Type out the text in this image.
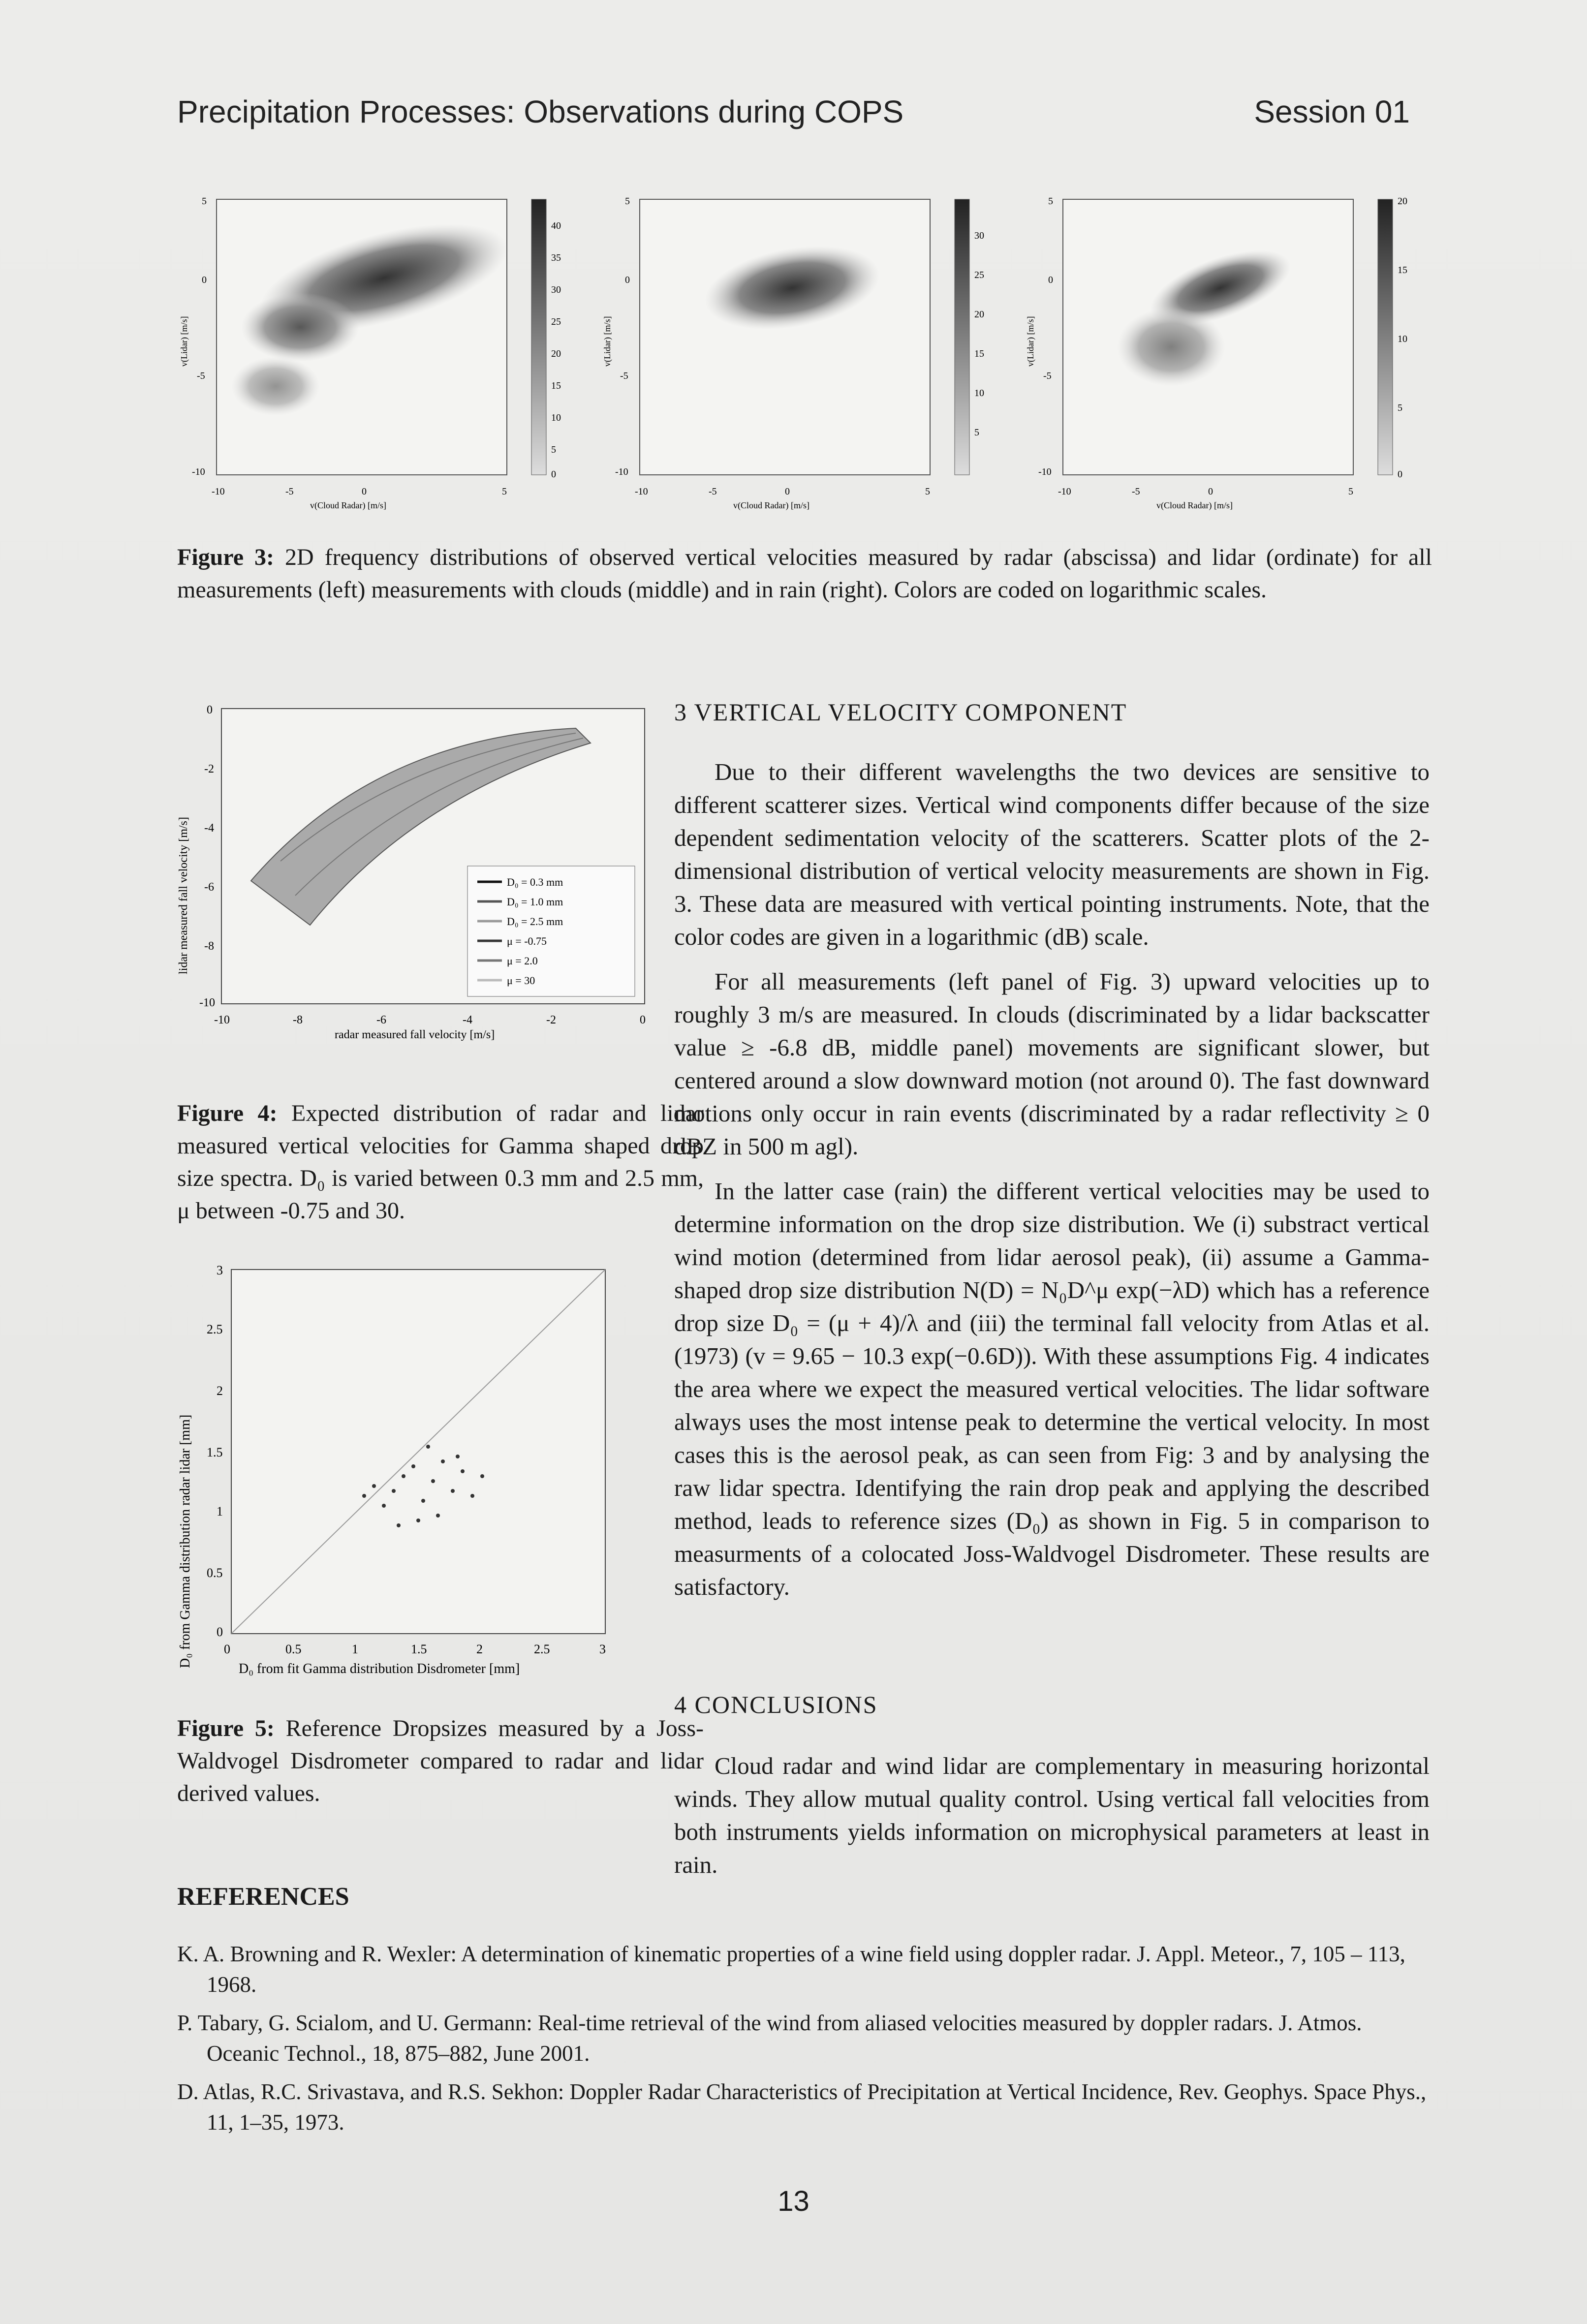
Precipitation Processes: Observations during COPS	Session 01
40
35
30
25
20
15
10
5
0
-10	-5	0	5
5
0
-5
-10
v(Cloud Radar) [m/s]
v(Lidar) [m/s]
30
25
20
15
10
5
-10	-5	0	5
5
0
-5
-10
v(Cloud Radar) [m/s]
v(Lidar) [m/s]
20
15
10
5
0
-10	-5	0	5
5
0
-5
-10
v(Cloud Radar) [m/s]
v(Lidar) [m/s]
Figure 3: 2D frequency distributions of observed vertical velocities measured by radar (abscissa) and lidar (ordinate) for all measurements (left) measurements with clouds (middle) and in rain (right). Colors are coded on logarithmic scales.
D₀ = 0.3 mm
D₀ = 1.0 mm
D₀ = 2.5 mm
μ = -0.75
μ = 2.0
μ = 30
-10	-8	-6	-4	-2	0
0
-2
-4
-6
-8
-10
radar measured fall velocity [m/s]
lidar measured fall velocity [m/s]
Figure 4: Expected distribution of radar and lidar measured vertical velocities for Gamma shaped drop size spectra. D₀ is varied between 0.3 mm and 2.5 mm, μ between -0.75 and 30.
0	0.5	1	1.5	2	2.5	3
3
2.5
2
1.5
1
0.5
0
D₀ from fit Gamma distribution Disdrometer [mm]
D₀ from Gamma distribution radar lidar [mm]
Figure 5: Reference Dropsizes measured by a Joss-Waldvogel Disdrometer compared to radar and lidar derived values.
3 VERTICAL VELOCITY COMPONENT

Due to their different wavelengths the two devices are sensitive to different scatterer sizes. Vertical wind components differ because of the size dependent sedimentation velocity of the scatterers. Scatter plots of the 2-dimensional distribution of vertical velocity measurements are shown in Fig. 3. These data are measured with vertical pointing instruments. Note, that the color codes are given in a logarithmic (dB) scale.

For all measurements (left panel of Fig. 3) upward velocities up to roughly 3 m/s are measured. In clouds (discriminated by a lidar backscatter value ≥ -6.8 dB, middle panel) movements are significant slower, but centered around a slow downward motion (not around 0). The fast downward motions only occur in rain events (discriminated by a radar reflectivity ≥ 0 dBZ in 500 m agl).

In the latter case (rain) the different vertical velocities may be used to determine information on the drop size distribution. We (i) substract vertical wind motion (determined from lidar aerosol peak), (ii) assume a Gamma-shaped drop size distribution N(D) = N₀D^μ exp(−λD) which has a reference drop size D₀ = (μ + 4)/λ and (iii) the terminal fall velocity from Atlas et al. (1973) (v = 9.65 − 10.3 exp(−0.6D)). With these assumptions Fig. 4 indicates the area where we expect the measured vertical velocities. The lidar software always uses the most intense peak to determine the vertical velocity. In most cases this is the aerosol peak, as can seen from Fig: 3 and by analysing the raw lidar spectra. Identifying the rain drop peak and applying the described method, leads to reference sizes (D₀) as shown in Fig. 5 in comparison to measurments of a colocated Joss-Waldvogel Disdrometer. These results are satisfactory.

4 CONCLUSIONS

Cloud radar and wind lidar are complementary in measuring horizontal winds. They allow mutual quality control. Using vertical fall velocities from both instruments yields information on microphysical parameters at least in rain.

REFERENCES

K. A. Browning and R. Wexler: A determination of kinematic properties of a wine field using doppler radar. J. Appl. Meteor., 7, 105 – 113, 1968.

P. Tabary, G. Scialom, and U. Germann: Real-time retrieval of the wind from aliased velocities measured by doppler radars. J. Atmos. Oceanic Technol., 18, 875–882, June 2001.

D. Atlas, R.C. Srivastava, and R.S. Sekhon: Doppler Radar Characteristics of Precipitation at Vertical Incidence, Rev. Geophys. Space Phys., 11, 1–35, 1973.

13
